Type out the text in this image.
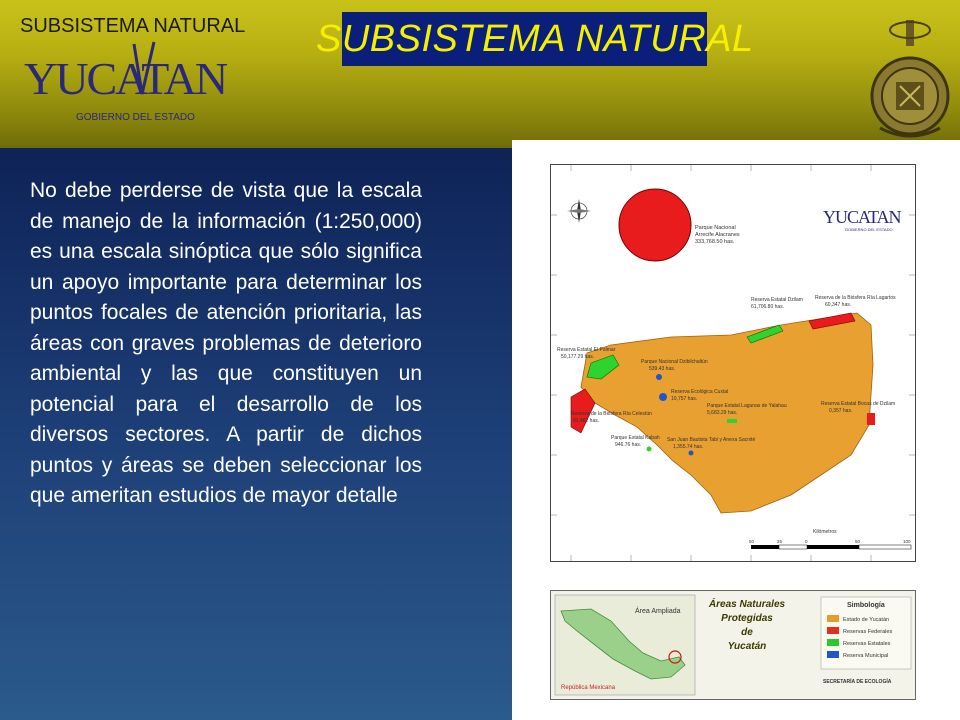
SUBSISTEMA NATURAL
YUCATAN
GOBIERNO DEL ESTADO
SUBSISTEMA NATURAL
No debe perderse de vista que la escala de manejo de la información (1:250,000) es una escala sinóptica que sólo significa un apoyo importante para determinar los puntos focales de atención prioritaria, las áreas con graves problemas de deterioro ambiental y las que constituyen un potencial para el desarrollo de los diversos sectores. A partir de dichos puntos y áreas se deben seleccionar los que ameritan estudios de mayor detalle
Parque Nacional
Arrecife Alacranes
333,768.50 has.
YUCATAN
GOBIERNO DEL ESTADO
Reserva Estatal Dzilam
61,706.80 has.
Reserva de la Biósfera Ría Lagartos
60,347 has.
Reserva Estatal El Palmar
50,177.29 has.
Parque Nacional Dzibilchaltún
539.43 has.
Reserva Ecológica Cuxtal
10,757 has.
Reserva de la Biósfera Ría Celestún
81,482 has.
Parque Estatal Lagunas de Yalahau
5,683.29 has.
Parque Estatal Kabah
946.76 has.
San Juan Bautista Tabi y Anexa Sacnité
1,355.74 has.
Reserva Estatal Bocas de Dzilam
0,357 has.
Kilómetros
50	25	0	50	100
Área Ampliada
República Mexicana
Áreas Naturales
Protegidas
de
Yucatán
Simbología
Estado de Yucatán
Reservas Federales
Reservas Estatales
Reserva Municipal
SECRETARÍA DE ECOLOGÍA
